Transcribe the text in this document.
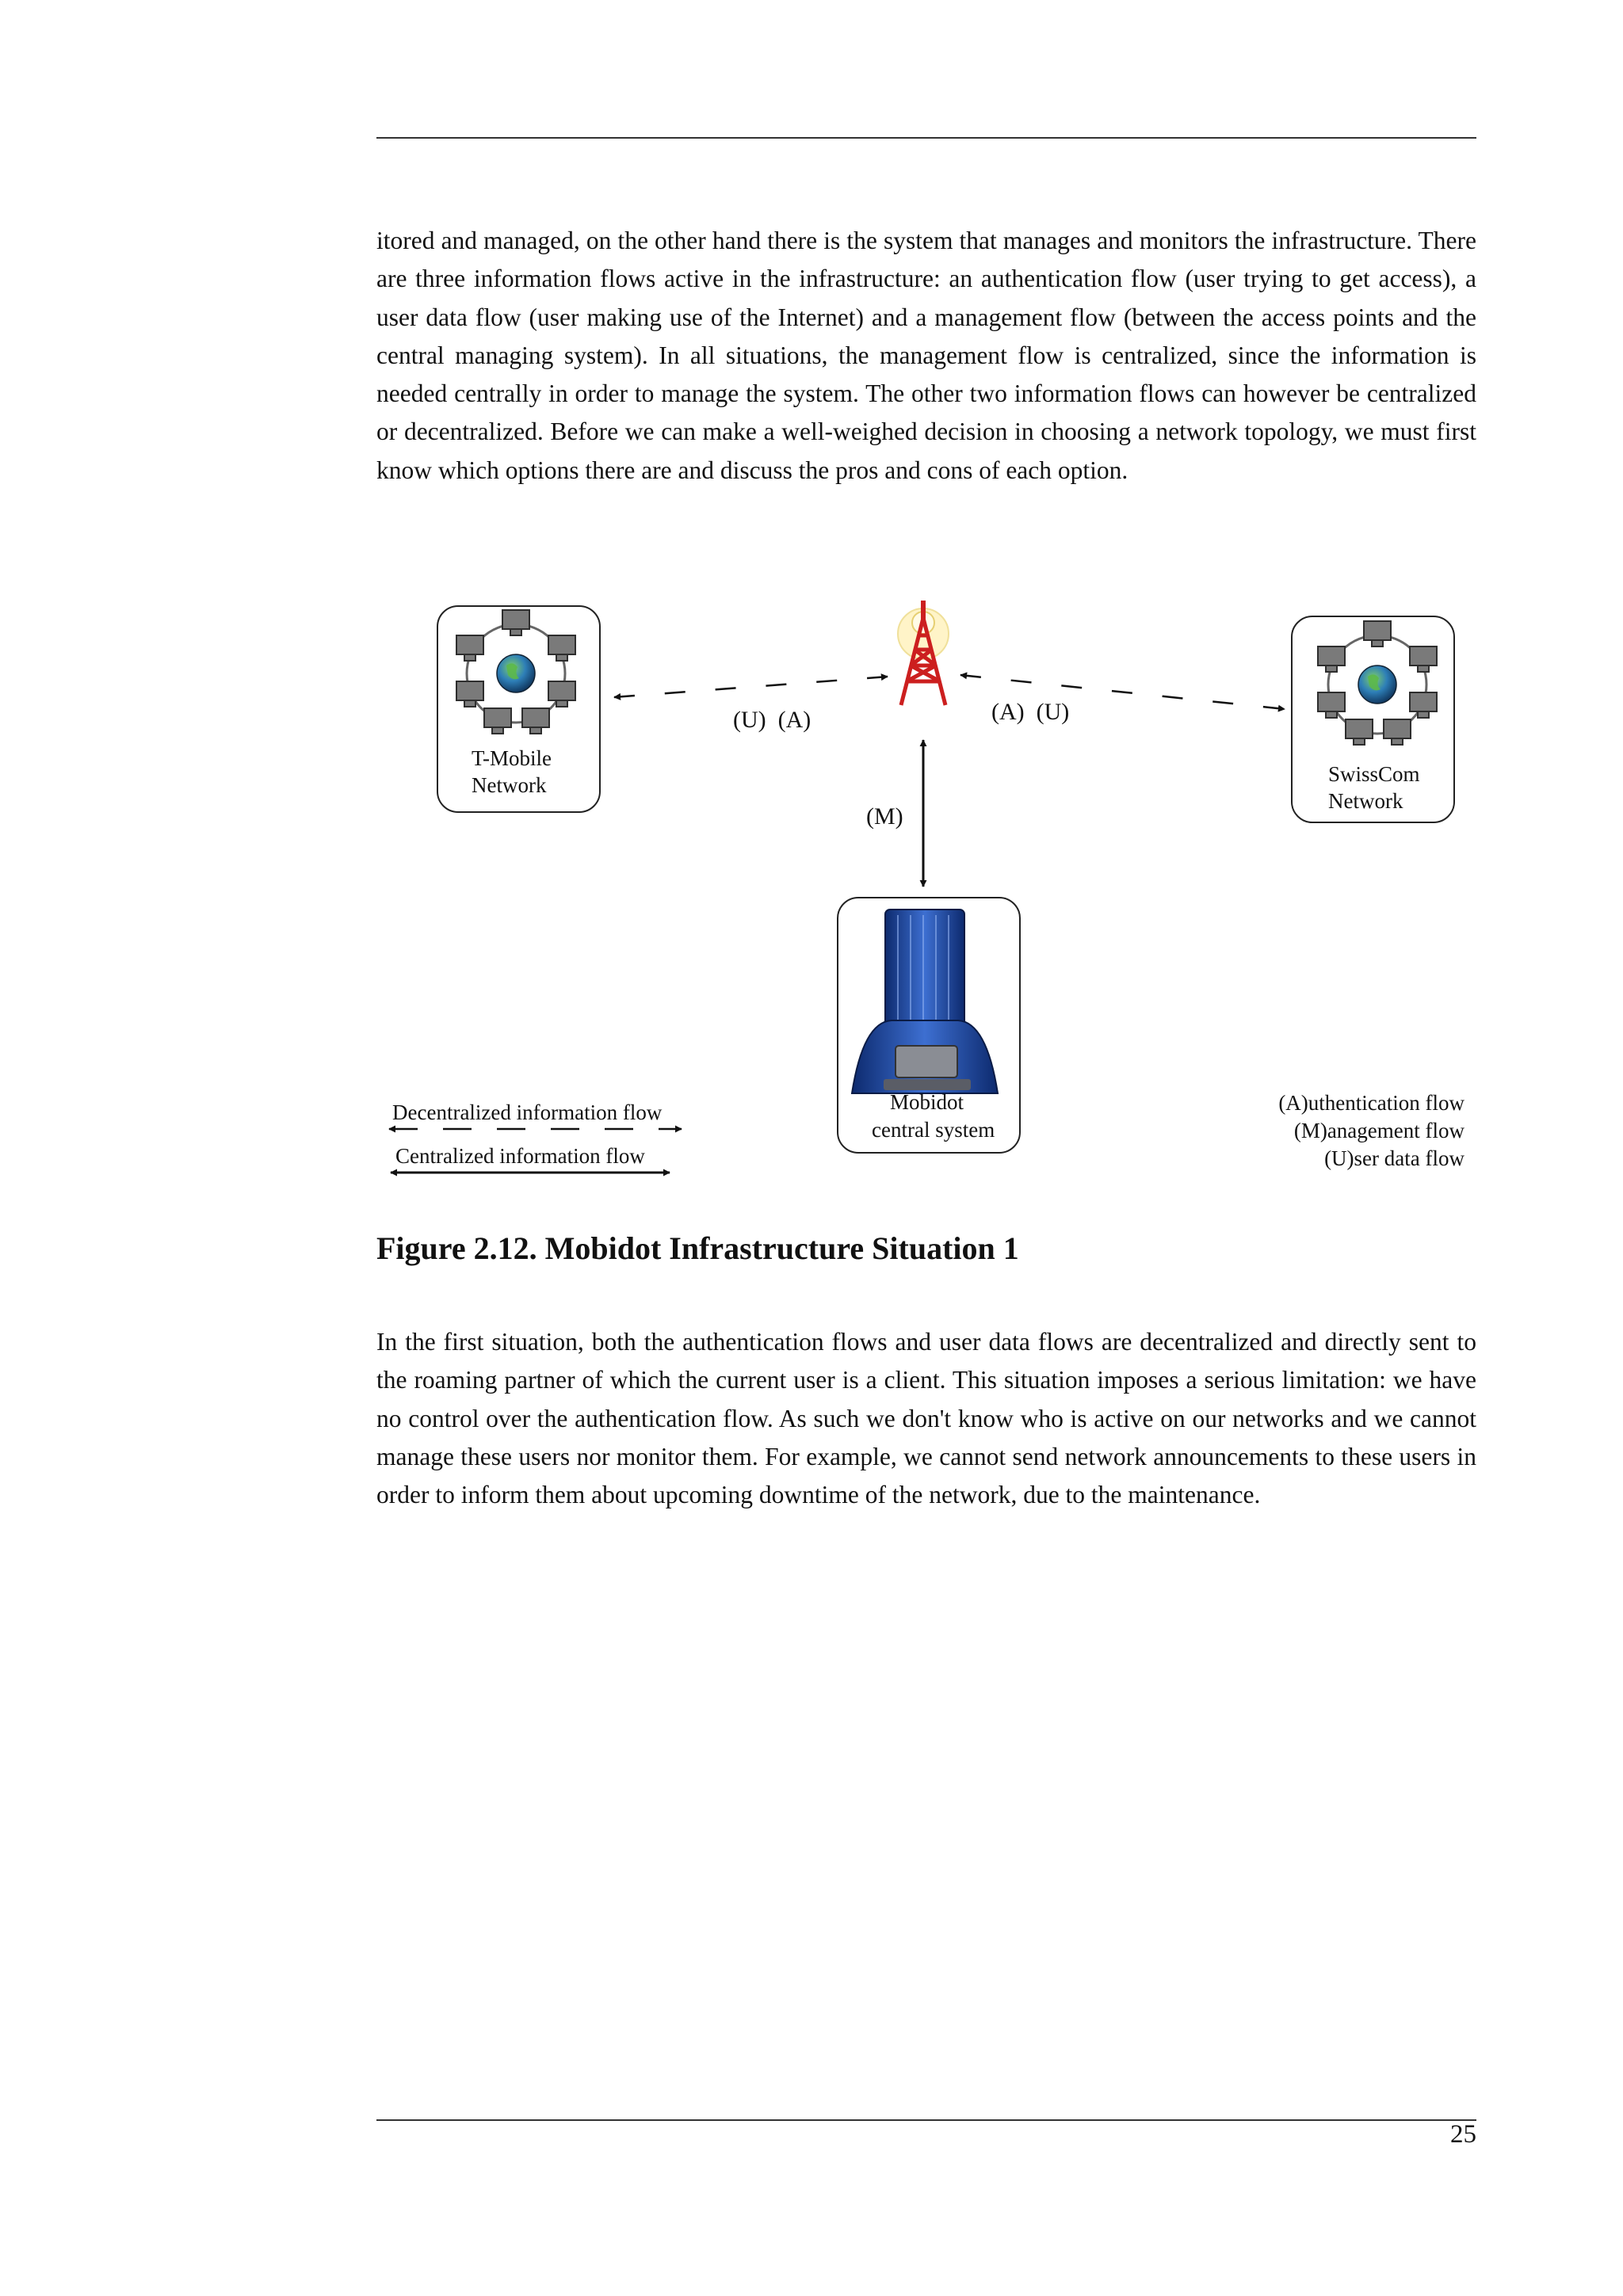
itored and managed, on the other hand there is the system that manages and monitors the infrastructure. There are three information flows active in the infrastructure: an authentication flow (user trying to get access), a user data flow (user making use of the Internet) and a management flow (between the access points and the central managing system). In all situations, the management flow is centralized, since the information is needed centrally in order to manage the system. The other two information flows can however be centralized or decentralized. Before we can make a well-weighed decision in choosing a network topology, we must first know which options there are and discuss the pros and cons of each option.

T-Mobile
Network	SwissCom
Network
(U)  (A)	(A)  (U)
(M)
Mobidot
central system
Decentralized information flow
Centralized information flow
(A)uthentication flow
(M)anagement flow
(U)ser data flow

Figure 2.12. Mobidot Infrastructure Situation 1

In the first situation, both the authentication flows and user data flows are decentralized and directly sent to the roaming partner of which the current user is a client. This situation imposes a serious limitation: we have no control over the authentication flow. As such we don't know who is active on our networks and we cannot manage these users nor monitor them. For example, we cannot send network announcements to these users in order to inform them about upcoming downtime of the network, due to the maintenance.

25
